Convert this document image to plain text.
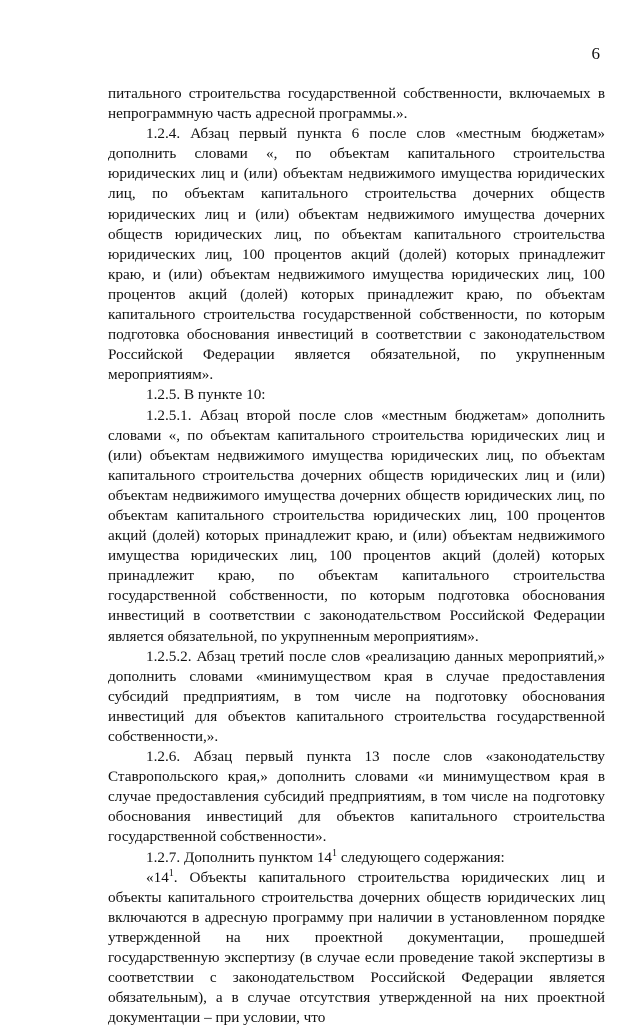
6

питального строительства государственной собственности, включаемых в непрограммную часть адресной программы.».

1.2.4. Абзац первый пункта 6 после слов «местным бюджетам» дополнить словами «, по объектам капитального строительства юридических лиц и (или) объектам недвижимого имущества юридических лиц, по объектам капитального строительства дочерних обществ юридических лиц и (или) объектам недвижимого имущества дочерних обществ юридических лиц, по объектам капитального строительства юридических лиц, 100 процентов акций (долей) которых принадлежит краю, и (или) объектам недвижимого имущества юридических лиц, 100 процентов акций (долей) которых принадлежит краю, по объектам капитального строительства государственной собственности, по которым подготовка обоснования инвестиций в соответствии с законодательством Российской Федерации является обязательной, по укрупненным мероприятиям».

1.2.5. В пункте 10:

1.2.5.1. Абзац второй после слов «местным бюджетам» дополнить словами «, по объектам капитального строительства юридических лиц и (или) объектам недвижимого имущества юридических лиц, по объектам капитального строительства дочерних обществ юридических лиц и (или) объектам недвижимого имущества дочерних обществ юридических лиц, по объектам капитального строительства юридических лиц, 100 процентов акций (долей) которых принадлежит краю, и (или) объектам недвижимого имущества юридических лиц, 100 процентов акций (долей) которых принадлежит краю, по объектам капитального строительства государственной собственности, по которым подготовка обоснования инвестиций в соответствии с законодательством Российской Федерации является обязательной, по укрупненным мероприятиям».

1.2.5.2. Абзац третий после слов «реализацию данных мероприятий,» дополнить словами «минимуществом края в случае предоставления субсидий предприятиям, в том числе на подготовку обоснования инвестиций для объектов капитального строительства государственной собственности,».

1.2.6. Абзац первый пункта 13 после слов «законодательству Ставропольского края,» дополнить словами «и минимуществом края в случае предоставления субсидий предприятиям, в том числе на подготовку обоснования инвестиций для объектов капитального строительства государственной собственности».

1.2.7. Дополнить пунктом $14^1$ следующего содержания:

«$14^1$. Объекты капитального строительства юридических лиц и объекты капитального строительства дочерних обществ юридических лиц включаются в адресную программу при наличии в установленном порядке утвержденной на них проектной документации, прошедшей государственную экспертизу (в случае если проведение такой экспертизы в соответствии с законодательством Российской Федерации является обязательным), а в случае отсутствия утвержденной на них проектной документации – при условии, что
